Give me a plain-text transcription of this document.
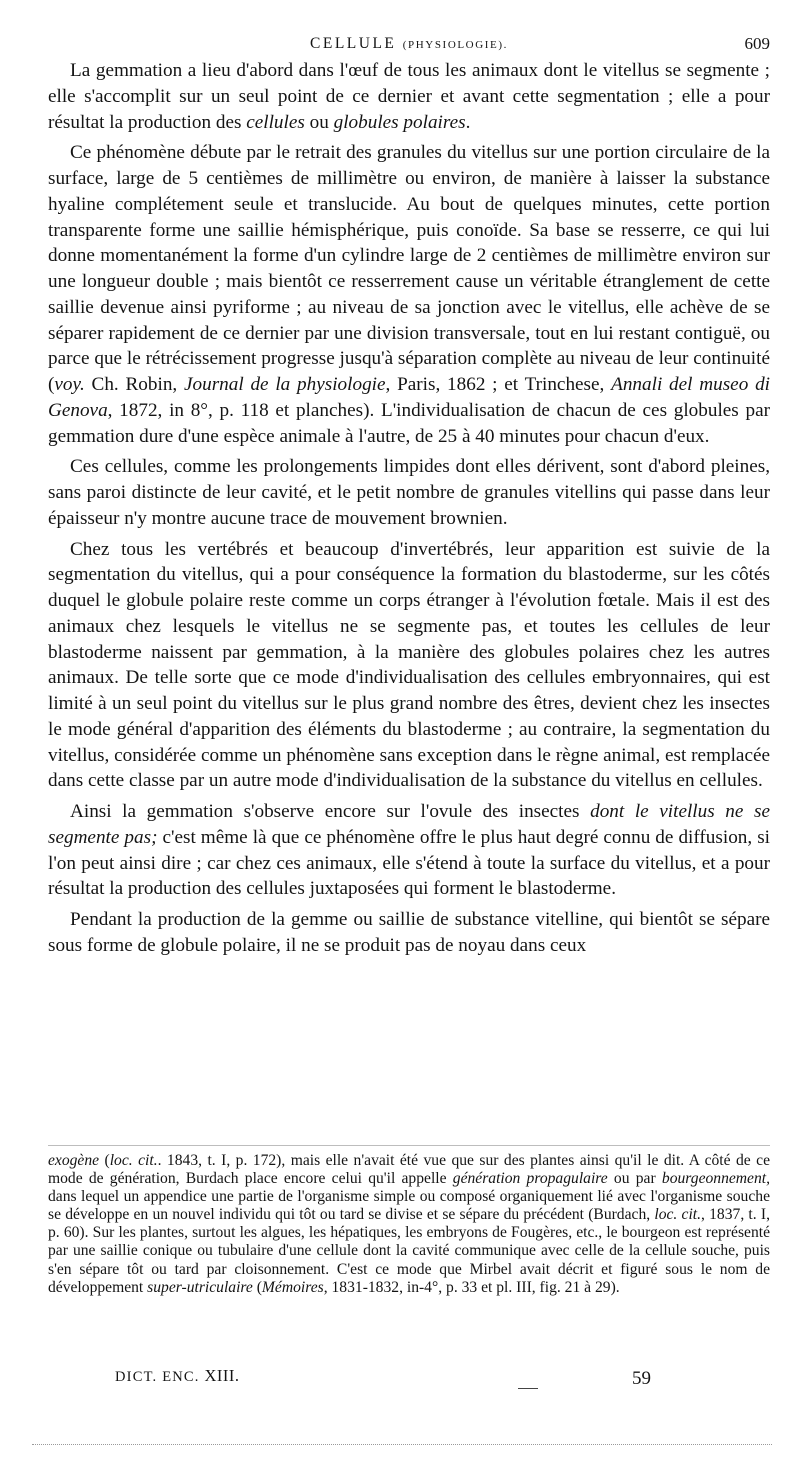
CELLULE (PHYSIOLOGIE).	609

La gemmation a lieu d'abord dans l'œuf de tous les animaux dont le vitellus se segmente ; elle s'accomplit sur un seul point de ce dernier et avant cette segmentation ; elle a pour résultat la production des cellules ou globules polaires.

Ce phénomène débute par le retrait des granules du vitellus sur une portion circulaire de la surface, large de 5 centièmes de millimètre ou environ, de manière à laisser la substance hyaline complétement seule et translucide. Au bout de quelques minutes, cette portion transparente forme une saillie hémisphérique, puis conoïde. Sa base se resserre, ce qui lui donne momentanément la forme d'un cylindre large de 2 centièmes de millimètre environ sur une longueur double ; mais bientôt ce resserrement cause un véritable étranglement de cette saillie devenue ainsi pyriforme ; au niveau de sa jonction avec le vitellus, elle achève de se séparer rapidement de ce dernier par une division transversale, tout en lui restant contiguë, ou parce que le rétrécissement progresse jusqu'à séparation complète au niveau de leur continuité (voy. Ch. Robin, Journal de la physiologie, Paris, 1862 ; et Trinchese, Annali del museo di Genova, 1872, in 8°, p. 118 et planches). L'individualisation de chacun de ces globules par gemmation dure d'une espèce animale à l'autre, de 25 à 40 minutes pour chacun d'eux.

Ces cellules, comme les prolongements limpides dont elles dérivent, sont d'abord pleines, sans paroi distincte de leur cavité, et le petit nombre de granules vitellins qui passe dans leur épaisseur n'y montre aucune trace de mouvement brownien.

Chez tous les vertébrés et beaucoup d'invertébrés, leur apparition est suivie de la segmentation du vitellus, qui a pour conséquence la formation du blastoderme, sur les côtés duquel le globule polaire reste comme un corps étranger à l'évolution fœtale. Mais il est des animaux chez lesquels le vitellus ne se segmente pas, et toutes les cellules de leur blastoderme naissent par gemmation, à la manière des globules polaires chez les autres animaux. De telle sorte que ce mode d'individualisation des cellules embryonnaires, qui est limité à un seul point du vitellus sur le plus grand nombre des êtres, devient chez les insectes le mode général d'apparition des éléments du blastoderme ; au contraire, la segmentation du vitellus, considérée comme un phénomène sans exception dans le règne animal, est remplacée dans cette classe par un autre mode d'individualisation de la substance du vitellus en cellules.

Ainsi la gemmation s'observe encore sur l'ovule des insectes dont le vitellus ne se segmente pas; c'est même là que ce phénomène offre le plus haut degré connu de diffusion, si l'on peut ainsi dire ; car chez ces animaux, elle s'étend à toute la surface du vitellus, et a pour résultat la production des cellules juxtaposées qui forment le blastoderme.

Pendant la production de la gemme ou saillie de substance vitelline, qui bientôt se sépare sous forme de globule polaire, il ne se produit pas de noyau dans ceux

exogène (loc. cit.. 1843, t. I, p. 172), mais elle n'avait été vue que sur des plantes ainsi qu'il le dit. A côté de ce mode de génération, Burdach place encore celui qu'il appelle génération propagulaire ou par bourgeonnement, dans lequel un appendice une partie de l'organisme simple ou composé organiquement lié avec l'organisme souche se développe en un nouvel individu qui tôt ou tard se divise et se sépare du précédent (Burdach, loc. cit., 1837, t. I, p. 60). Sur les plantes, surtout les algues, les hépatiques, les embryons de Fougères, etc., le bourgeon est représenté par une saillie conique ou tubulaire d'une cellule dont la cavité communique avec celle de la cellule souche, puis s'en sépare tôt ou tard par cloisonnement. C'est ce mode que Mirbel avait décrit et figuré sous le nom de développement super-utriculaire (Mémoires, 1831-1832, in-4°, p. 33 et pl. III, fig. 21 à 29).

DICT. ENC. XIII.	59
